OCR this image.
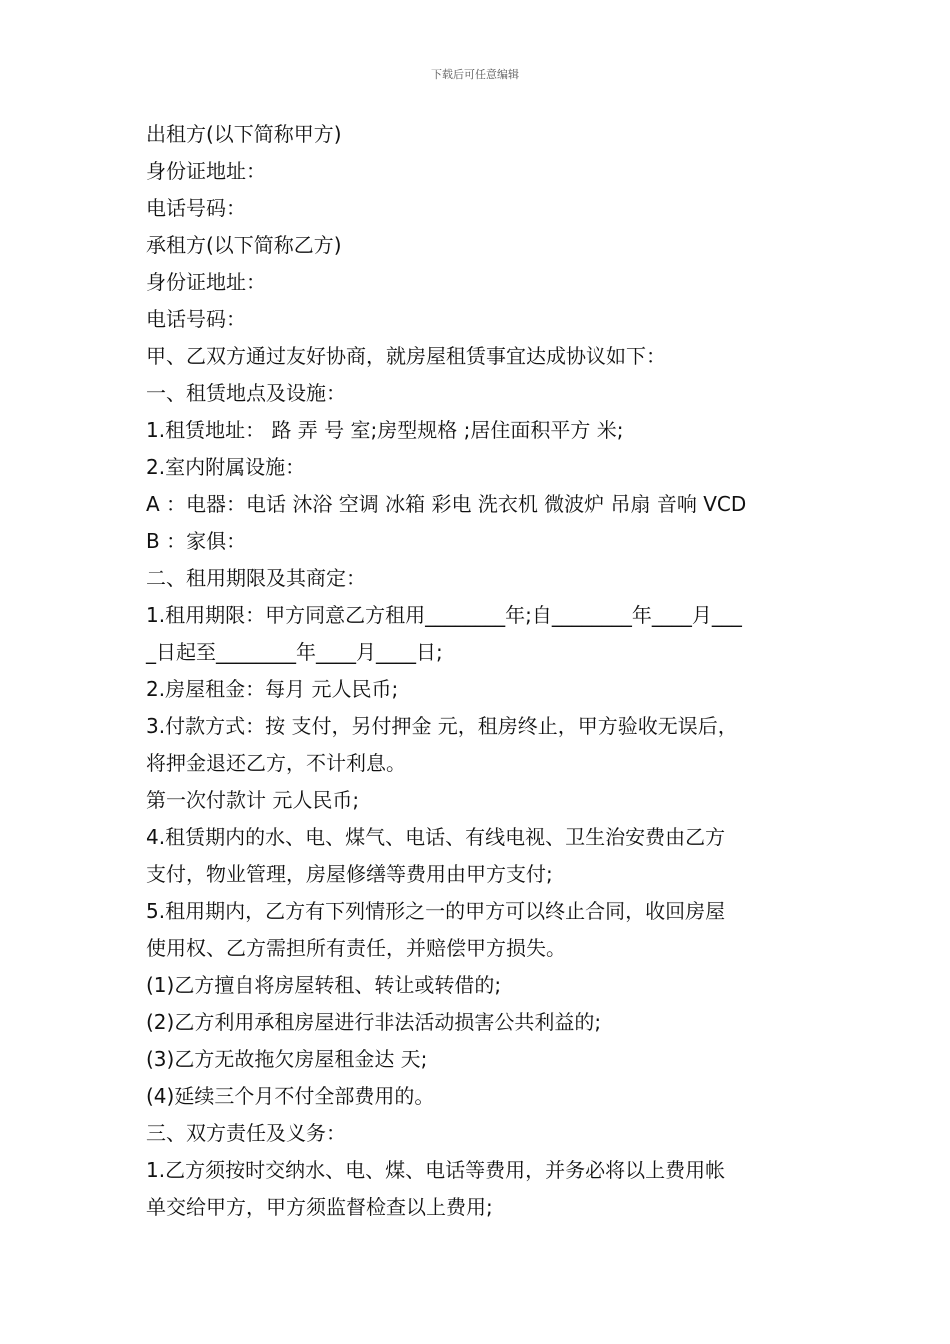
下载后可任意编辑
出租方(以下简称甲方)
身份证地址：
电话号码：
承租方(以下简称乙方)
身份证地址：
电话号码：
甲、乙双方通过友好协商，就房屋租赁事宜达成协议如下：
一、租赁地点及设施：
1.租赁地址： 路 弄 号 室;房型规格 ;居住面积平方 米;
2.室内附属设施：
A ：电器：电话 沐浴 空调 冰箱 彩电 洗衣机 微波炉 吊扇 音响 VCD
B ：家俱：
二、租用期限及其商定：
1.租用期限：甲方同意乙方租用________年;自________年____月___
_日起至________年____月____日;
2.房屋租金：每月 元人民币;
3.付款方式：按 支付，另付押金 元，租房终止，甲方验收无误后，
将押金退还乙方，不计利息。
第一次付款计 元人民币;
4.租赁期内的水、电、煤气、电话、有线电视、卫生治安费由乙方
支付，物业管理，房屋修缮等费用由甲方支付;
5.租用期内，乙方有下列情形之一的甲方可以终止合同，收回房屋
使用权、乙方需担所有责任，并赔偿甲方损失。
(1)乙方擅自将房屋转租、转让或转借的;
(2)乙方利用承租房屋进行非法活动损害公共利益的;
(3)乙方无故拖欠房屋租金达 天;
(4)延续三个月不付全部费用的。
三、双方责任及义务：
1.乙方须按时交纳水、电、煤、电话等费用，并务必将以上费用帐
单交给甲方，甲方须监督检查以上费用;
